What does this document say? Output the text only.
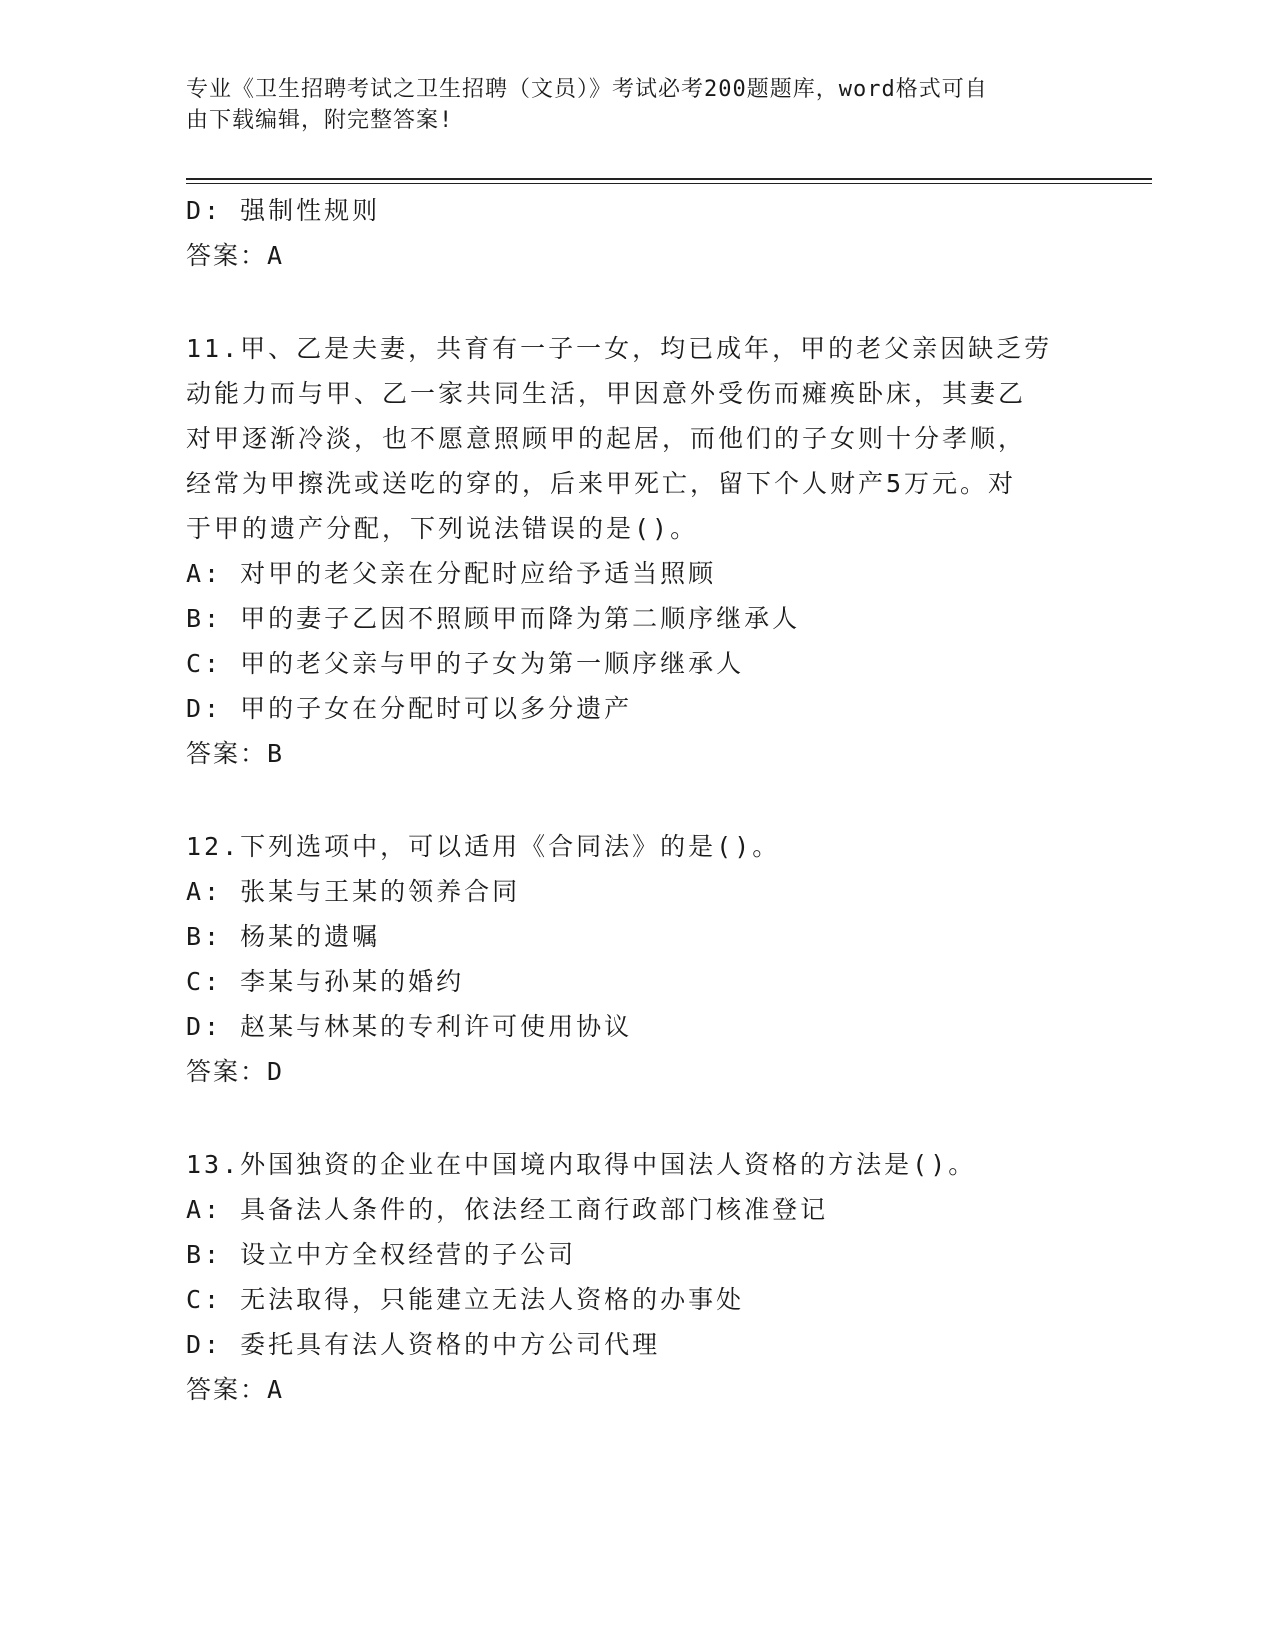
专业《卫生招聘考试之卫生招聘（文员）》考试必考200题题库，word格式可自
由下载编辑，附完整答案!
D: 强制性规则
答案：A
11.甲、乙是夫妻，共育有一子一女，均已成年，甲的老父亲因缺乏劳
动能力而与甲、乙一家共同生活，甲因意外受伤而瘫痪卧床，其妻乙
对甲逐渐冷淡，也不愿意照顾甲的起居，而他们的子女则十分孝顺，
经常为甲擦洗或送吃的穿的，后来甲死亡，留下个人财产5万元。对
于甲的遗产分配，下列说法错误的是()。
A: 对甲的老父亲在分配时应给予适当照顾
B: 甲的妻子乙因不照顾甲而降为第二顺序继承人
C: 甲的老父亲与甲的子女为第一顺序继承人
D: 甲的子女在分配时可以多分遗产
答案：B
12.下列选项中，可以适用《合同法》的是()。
A: 张某与王某的领养合同
B: 杨某的遗嘱
C: 李某与孙某的婚约
D: 赵某与林某的专利许可使用协议
答案：D
13.外国独资的企业在中国境内取得中国法人资格的方法是()。
A: 具备法人条件的，依法经工商行政部门核准登记
B: 设立中方全权经营的子公司
C: 无法取得，只能建立无法人资格的办事处
D: 委托具有法人资格的中方公司代理
答案：A
